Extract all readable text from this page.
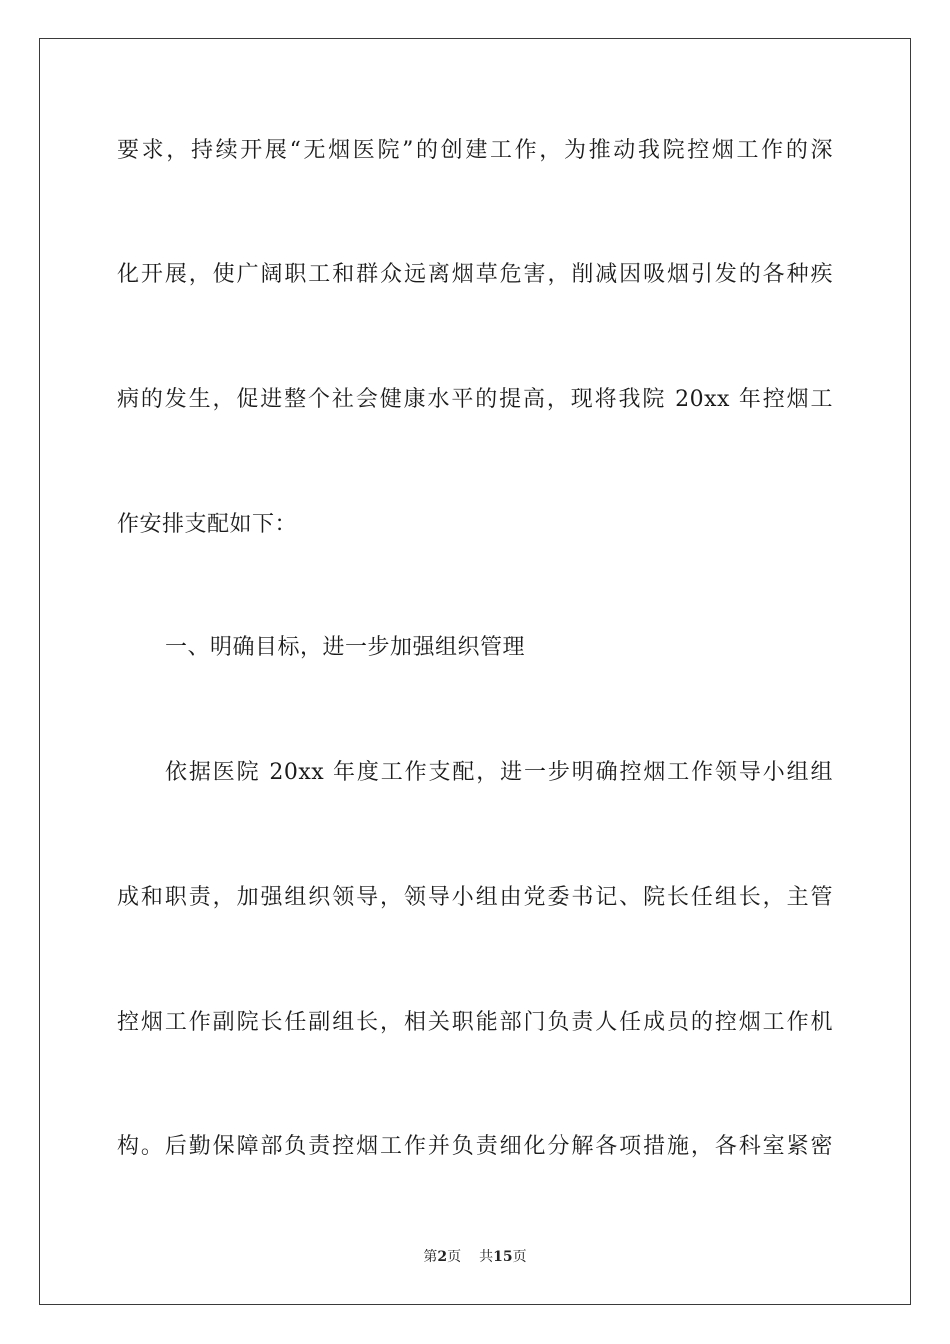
要求，持续开展“无烟医院”的创建工作，为推动我院控烟工作的深
化开展，使广阔职工和群众远离烟草危害，削减因吸烟引发的各种疾
病的发生，促进整个社会健康水平的提高，现将我院 20xx 年控烟工
作安排支配如下：
一、明确目标，进一步加强组织管理
依据医院 20xx 年度工作支配，进一步明确控烟工作领导小组组
成和职责，加强组织领导，领导小组由党委书记、院长任组长，主管
控烟工作副院长任副组长，相关职能部门负责人任成员的控烟工作机
构。后勤保障部负责控烟工作并负责细化分解各项措施，各科室紧密
第2页 共15页
